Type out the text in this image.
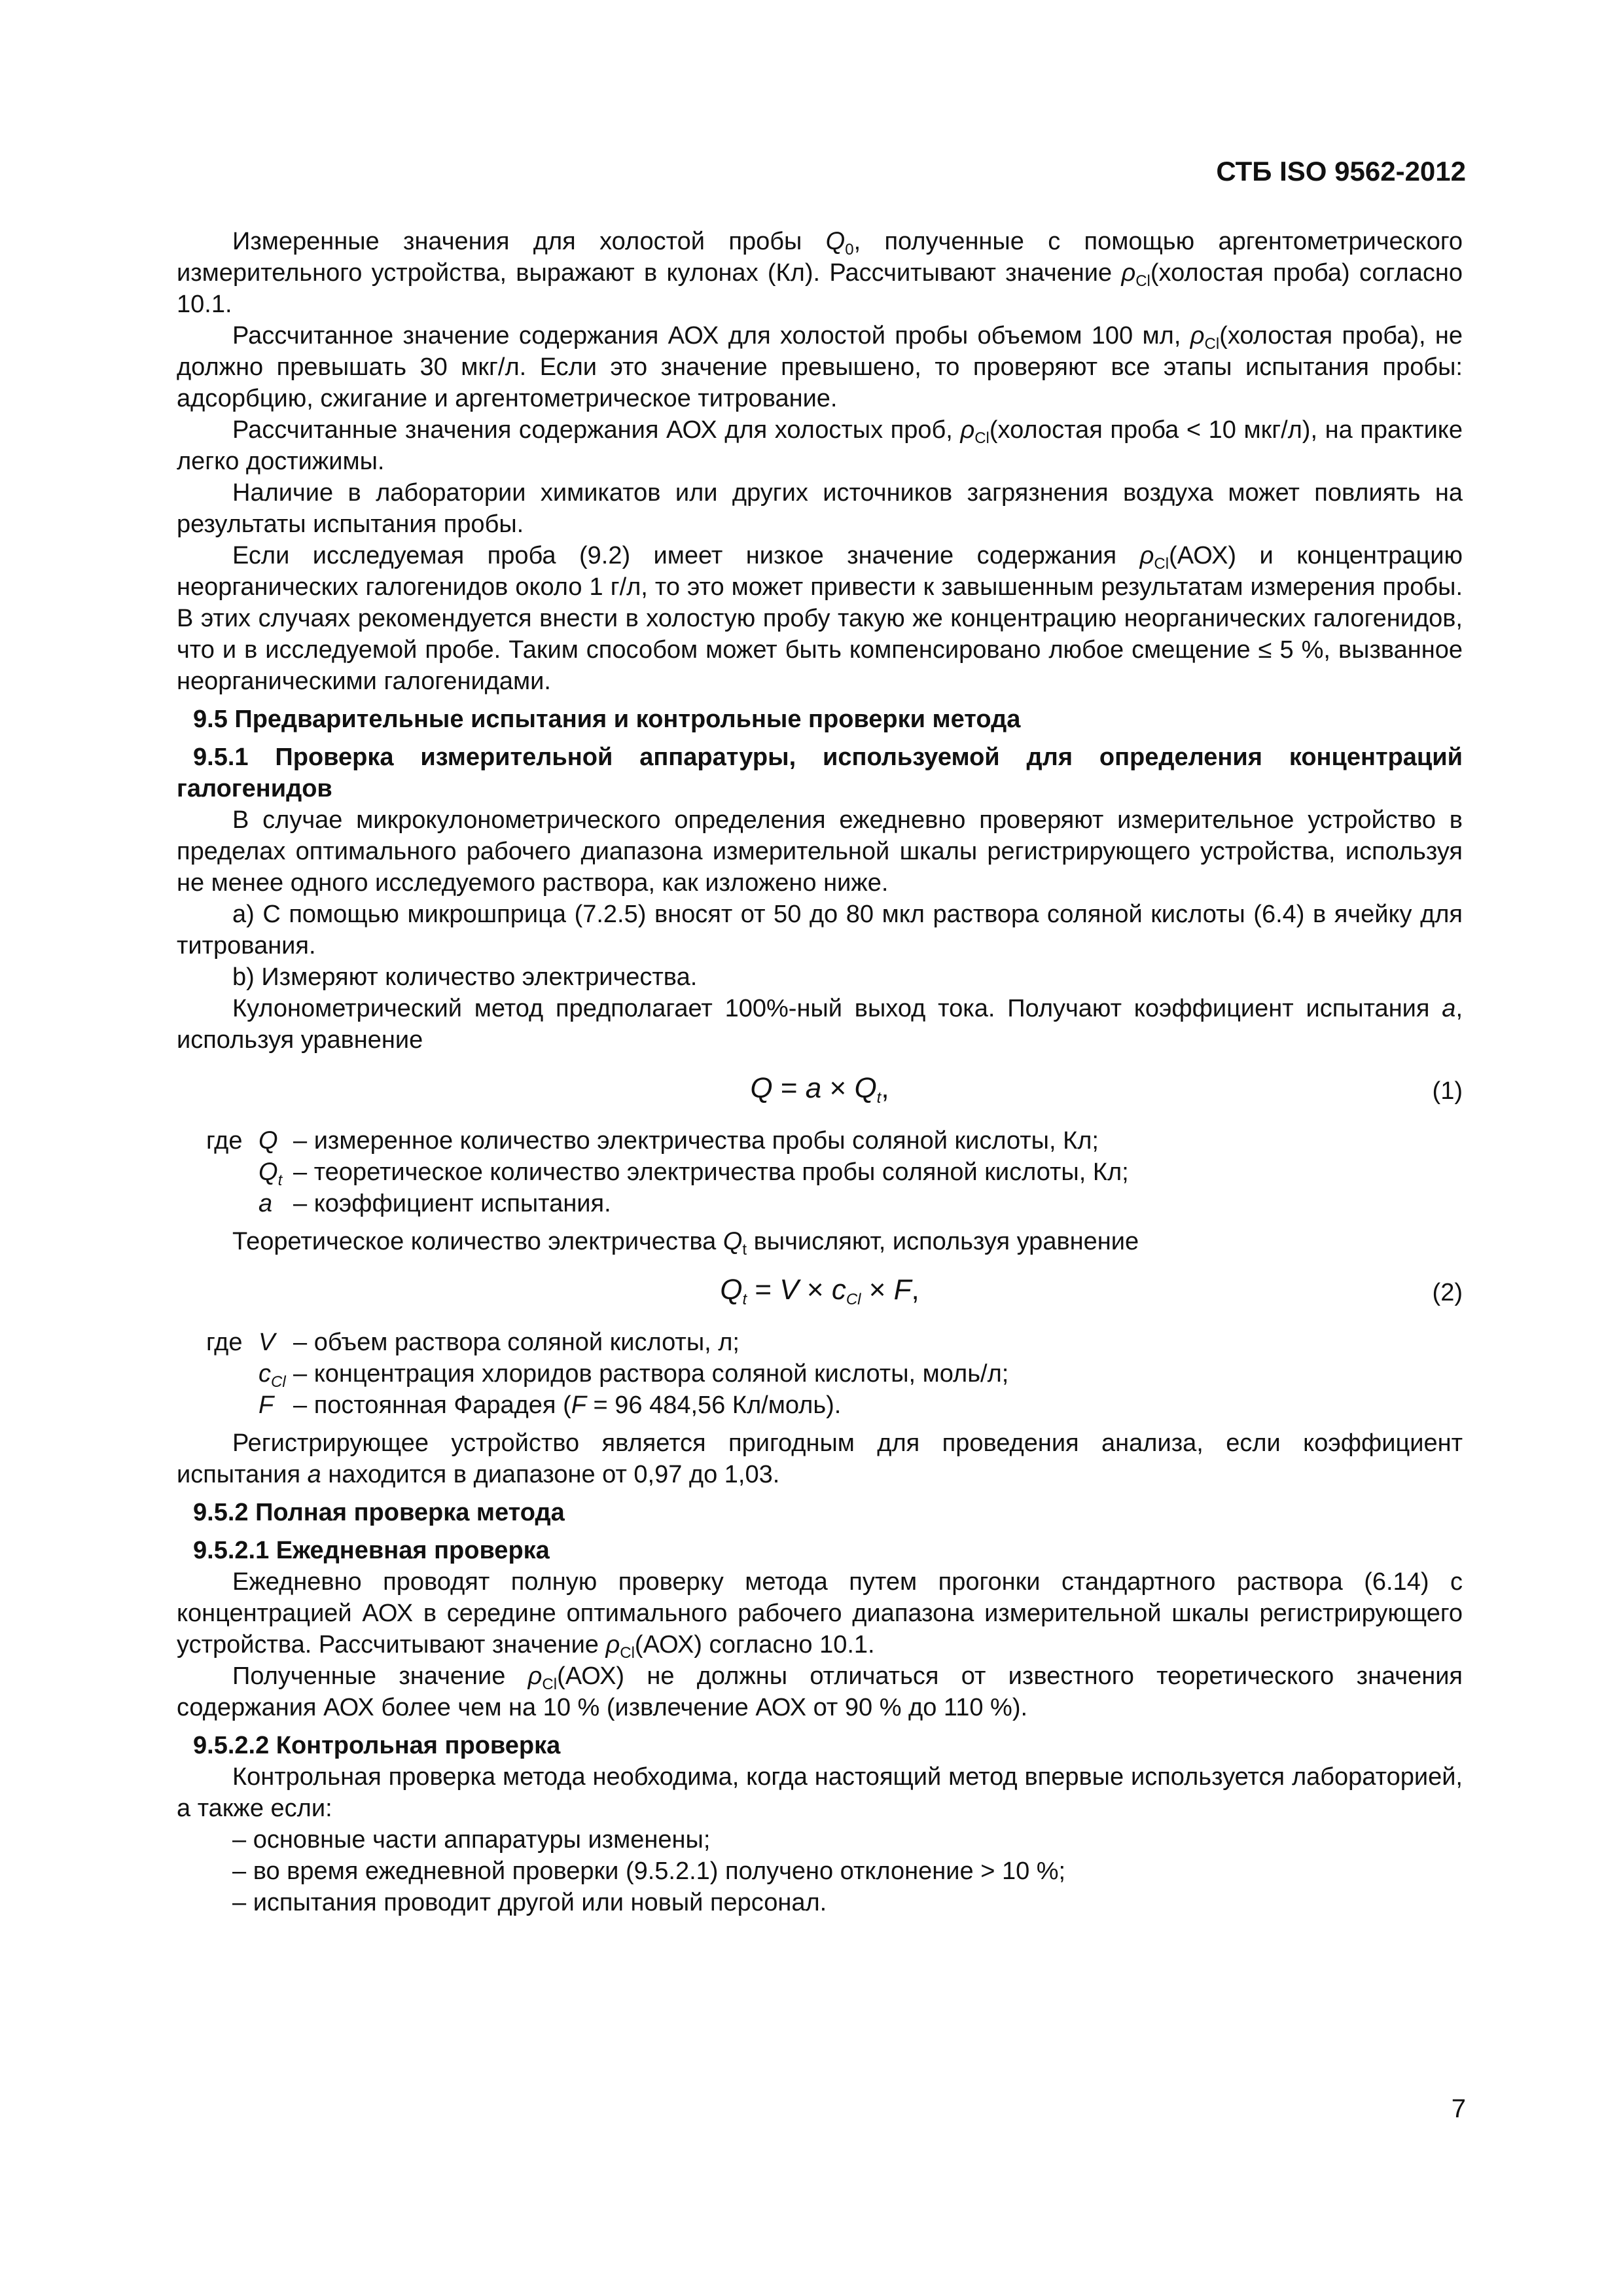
СТБ ISO 9562-2012

Измеренные значения для холостой пробы $Q_0$, полученные с помощью аргентометрического измерительного устройства, выражают в кулонах (Кл). Рассчитывают значение $\rho_{Cl}(холостая$ проба) согласно 10.1.

Рассчитанное значение содержания АОХ для холостой пробы объемом 100 мл, $\rho_{Cl}(холостая$ проба), не должно превышать 30 мкг/л. Если это значение превышено, то проверяют все этапы испытания пробы: адсорбцию, сжигание и аргентометрическое титрование.

Рассчитанные значения содержания АОХ для холостых проб, $\rho_{Cl}(холостая$ проба < 10 мкг/л), на практике легко достижимы.

Наличие в лаборатории химикатов или других источников загрязнения воздуха может повлиять на результаты испытания пробы.

Если исследуемая проба (9.2) имеет низкое значение содержания $\rho_{Cl}(АОХ)$ и концентрацию неорганических галогенидов около 1 г/л, то это может привести к завышенным результатам измерения пробы. В этих случаях рекомендуется внести в холостую пробу такую же концентрацию неорганических галогенидов, что и в исследуемой пробе. Таким способом может быть компенсировано любое смещение ≤ 5 %, вызванное неорганическими галогенидами.

9.5 Предварительные испытания и контрольные проверки метода

9.5.1 Проверка измерительной аппаратуры, используемой для определения концентраций галогенидов

В случае микрокулонометрического определения ежедневно проверяют измерительное устройство в пределах оптимального рабочего диапазона измерительной шкалы регистрирующего устройства, используя не менее одного исследуемого раствора, как изложено ниже.

а) С помощью микрошприца (7.2.5) вносят от 50 до 80 мкл раствора соляной кислоты (6.4) в ячейку для титрования.

b) Измеряют количество электричества.

Кулонометрический метод предполагает 100%-ный выход тока. Получают коэффициент испытания a, используя уравнение

$Q = a \times Q_t$,	(1)
где Q – измеренное количество электричества пробы соляной кислоты, Кл;
$Q_t$ – теоретическое количество электричества пробы соляной кислоты, Кл;
a – коэффициент испытания.

Теоретическое количество электричества $Q_t$ вычисляют, используя уравнение

$Q_t = V \times c_{Cl} \times F$,	(2)
где V – объем раствора соляной кислоты, л;
$c_{Cl}$ – концентрация хлоридов раствора соляной кислоты, моль/л;
F – постоянная Фарадея (F = 96 484,56 Кл/моль).

Регистрирующее устройство является пригодным для проведения анализа, если коэффициент испытания a находится в диапазоне от 0,97 до 1,03.

9.5.2 Полная проверка метода

9.5.2.1 Ежедневная проверка

Ежедневно проводят полную проверку метода путем прогонки стандартного раствора (6.14) с концентрацией АОХ в середине оптимального рабочего диапазона измерительной шкалы регистрирующего устройства. Рассчитывают значение $\rho_{Cl}(АОХ)$ согласно 10.1.

Полученные значение $\rho_{Cl}(АОХ)$ не должны отличаться от известного теоретического значения содержания АОХ более чем на 10 % (извлечение АОХ от 90 % до 110 %).

9.5.2.2 Контрольная проверка

Контрольная проверка метода необходима, когда настоящий метод впервые используется лабораторией, а также если:

– основные части аппаратуры изменены;

– во время ежедневной проверки (9.5.2.1) получено отклонение > 10 %;

– испытания проводит другой или новый персонал.

7
